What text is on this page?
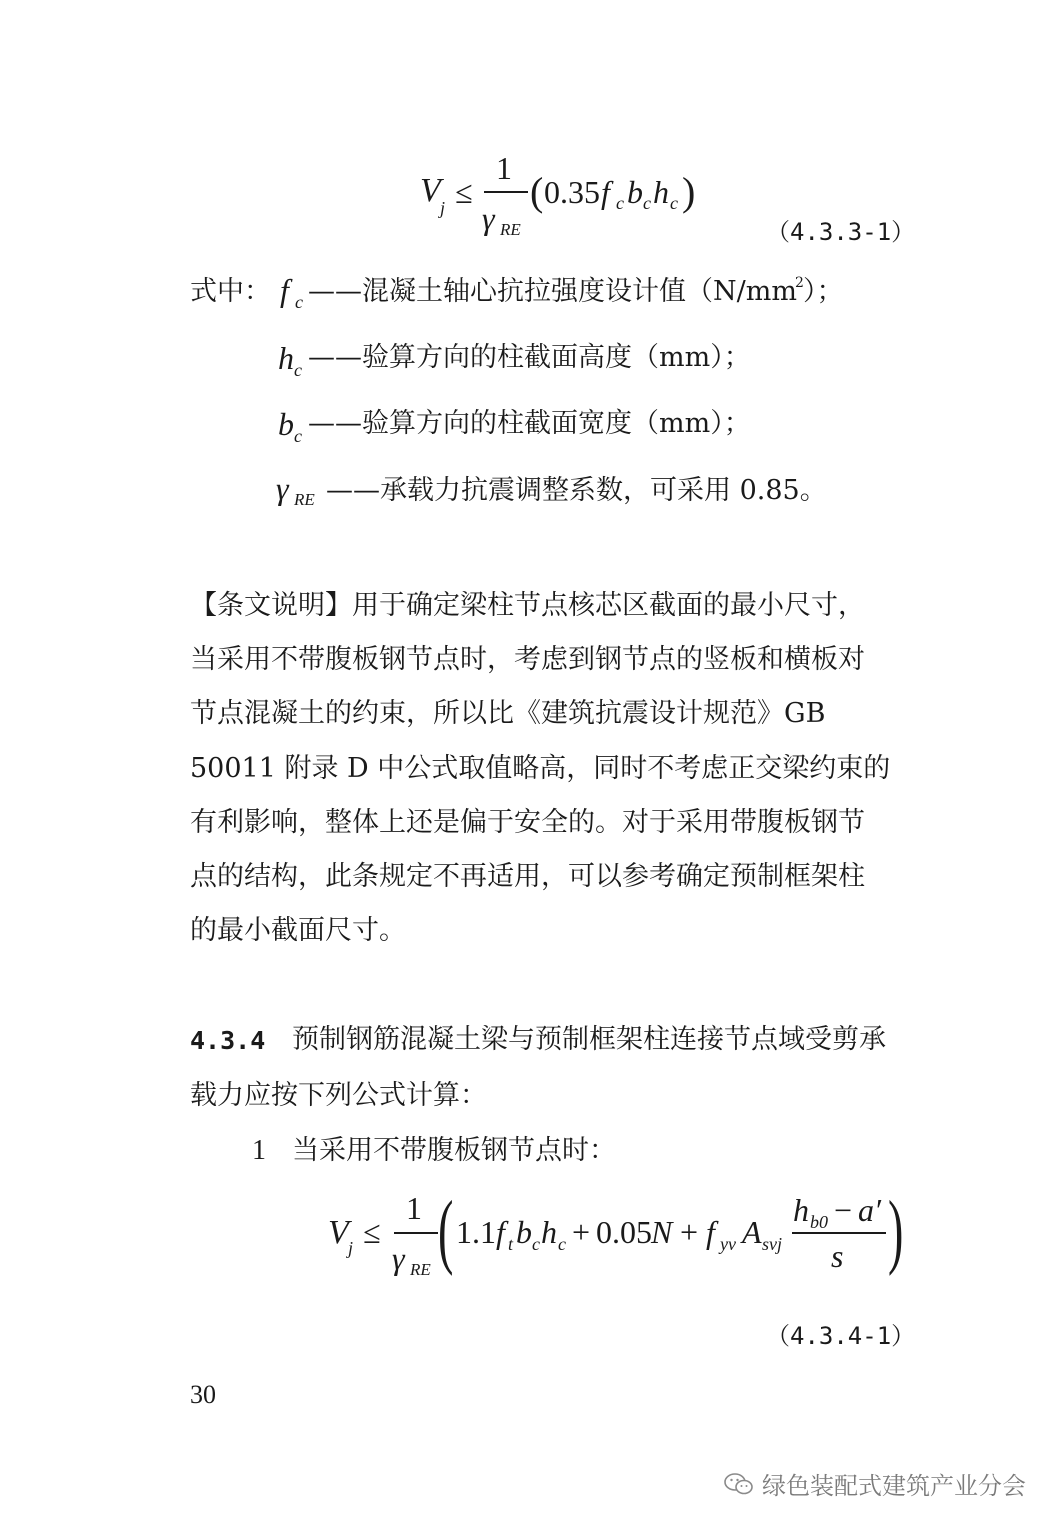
V j ≤
1
γ RE
( 0.35 f c b c h c )
（4.3.3-1）
式中： f c ——混凝土轴心抗拉强度设计值（N/mm
2 ）；
h c ——验算方向的柱截面高度（mm）；
b c ——验算方向的柱截面宽度（mm）；
γ RE ——承载力抗震调整系数，可采用 0.85。
【条文说明】用于确定梁柱节点核芯区截面的最小尺寸，
当采用不带腹板钢节点时，考虑到钢节点的竖板和横板对
节点混凝土的约束，所以比《建筑抗震设计规范》GB
50011 附录 D 中公式取值略高，同时不考虑正交梁约束的
有利影响，整体上还是偏于安全的。对于采用带腹板钢节
点的结构，此条规定不再适用，可以参考确定预制框架柱
的最小截面尺寸。
4.3.4 预制钢筋混凝土梁与预制框架柱连接节点域受剪承
载力应按下列公式计算：
1 当采用不带腹板钢节点时：
V j ≤
1
γ RE ( 1.1 f t b c h c + 0.05 N + f yv A svj
h b0 − a′
s )
（4.3.4-1）
30
绿色装配式建筑产业分会
